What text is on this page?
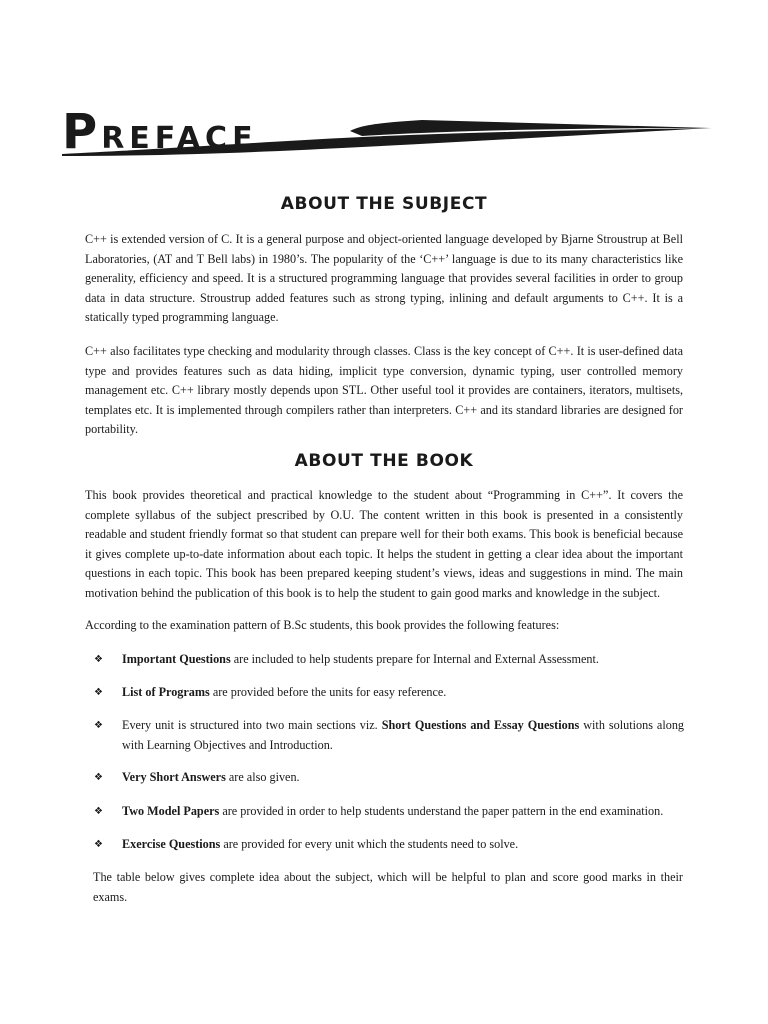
PREFACE
ABOUT THE SUBJECT

C++ is extended version of C. It is a general purpose and object-oriented language developed by Bjarne Stroustrup at Bell Laboratories, (AT and T Bell labs) in 1980’s. The popularity of the ‘C++’ language is due to its many characteristics like generality, efficiency and speed. It is a structured programming language that provides several facilities in order to group data in data structure. Stroustrup added features such as strong typing, inlining and default arguments to C++. It is a statically typed programming language.

C++ also facilitates type checking and modularity through classes. Class is the key concept of C++. It is user-defined data type and provides features such as data hiding, implicit type conversion, dynamic typing, user controlled memory management etc. C++ library mostly depends upon STL. Other useful tool it provides are containers, iterators, multisets, templates etc. It is implemented through compilers rather than interpreters. C++ and its standard libraries are designed for portability.

ABOUT THE BOOK

This book provides theoretical and practical knowledge to the student about “Programming in C++”. It covers the complete syllabus of the subject prescribed by O.U. The content written in this book is presented in a consistently readable and student friendly format so that student can prepare well for their both exams. This book is beneficial because it gives complete up-to-date information about each topic. It helps the student in getting a clear idea about the important questions in each topic. This book has been prepared keeping student’s views, ideas and suggestions in mind. The main motivation behind the publication of this book is to help the student to gain good marks and knowledge in the subject.

According to the examination pattern of B.Sc students, this book provides the following features:

❖ Important Questions are included to help students prepare for Internal and External Assessment.
❖ List of Programs are provided before the units for easy reference.
❖ Every unit is structured into two main sections viz. Short Questions and Essay Questions with solutions along with Learning Objectives and Introduction.
❖ Very Short Answers are also given.
❖ Two Model Papers are provided in order to help students understand the paper pattern in the end examination.
❖ Exercise Questions are provided for every unit which the students need to solve.

The table below gives complete idea about the subject, which will be helpful to plan and score good marks in their exams.
